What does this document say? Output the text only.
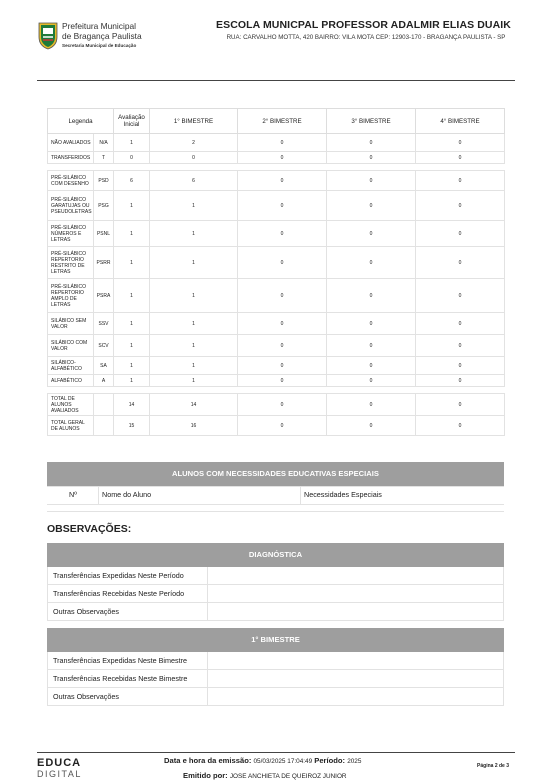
Prefeitura Municipal
de Bragança Paulista
Secretaria Municipal de Educação
ESCOLA MUNICPAL PROFESSOR ADALMIR ELIAS DUAIK
RUA: CARVALHO MOTTA, 420 BAIRRO: VILA MOTA CEP: 12903-170 - BRAGANÇA PAULISTA - SP
Legenda		Avaliação Inicial	1° BIMESTRE	2° BIMESTRE	3° BIMESTRE	4° BIMESTRE
NÃO AVALIADOS	N/A	1	2	0	0	0
TRANSFERIDOS	T	0	0	0	0	0

PRÉ-SILÁBICO COM DESENHO	PSD	6	6	0	0	0
PRÉ-SILÁBICO GARATUJAS OU PSEUDOLETRAS	PSG	1	1	0	0	0
PRÉ-SILÁBICO NÚMEROS E LETRAS	PSNL	1	1	0	0	0
PRÉ-SILÁBICO REPERTORIO RESTRITO DE LETRAS	PSRR	1	1	0	0	0
PRÉ-SILÁBICO REPERTORIO AMPLO DE LETRAS	PSRA	1	1	0	0	0
SILÁBICO SEM VALOR	SSV	1	1	0	0	0
SILÁBICO COM VALOR	SCV	1	1	0	0	0
SILÁBICO-ALFABÉTICO	SA	1	1	0	0	0
ALFABÉTICO	A	1	1	0	0	0

TOTAL DE ALUNOS AVALIADOS		14	14	0	0	0
TOTAL GERAL DE ALUNOS		15	16	0	0	0
ALUNOS COM NECESSIDADES EDUCATIVAS ESPECIAIS
Nº	Nome do Aluno	Necessidades Especiais
OBSERVAÇÕES:
DIAGNÓSTICA
Transferências Expedidas Neste Período	
Transferências Recebidas Neste Período	
Outras Observações	
1° BIMESTRE
Transferências Expedidas Neste Bimestre	
Transferências Recebidas Neste Bimestre	
Outras Observações	
EDUCA
DIGITAL
Data e hora da emissão: 05/03/2025 17:04:49 Período: 2025
Emitido por: JOSE ANCHIETA DE QUEIROZ JUNIOR
Página 2 de 3
